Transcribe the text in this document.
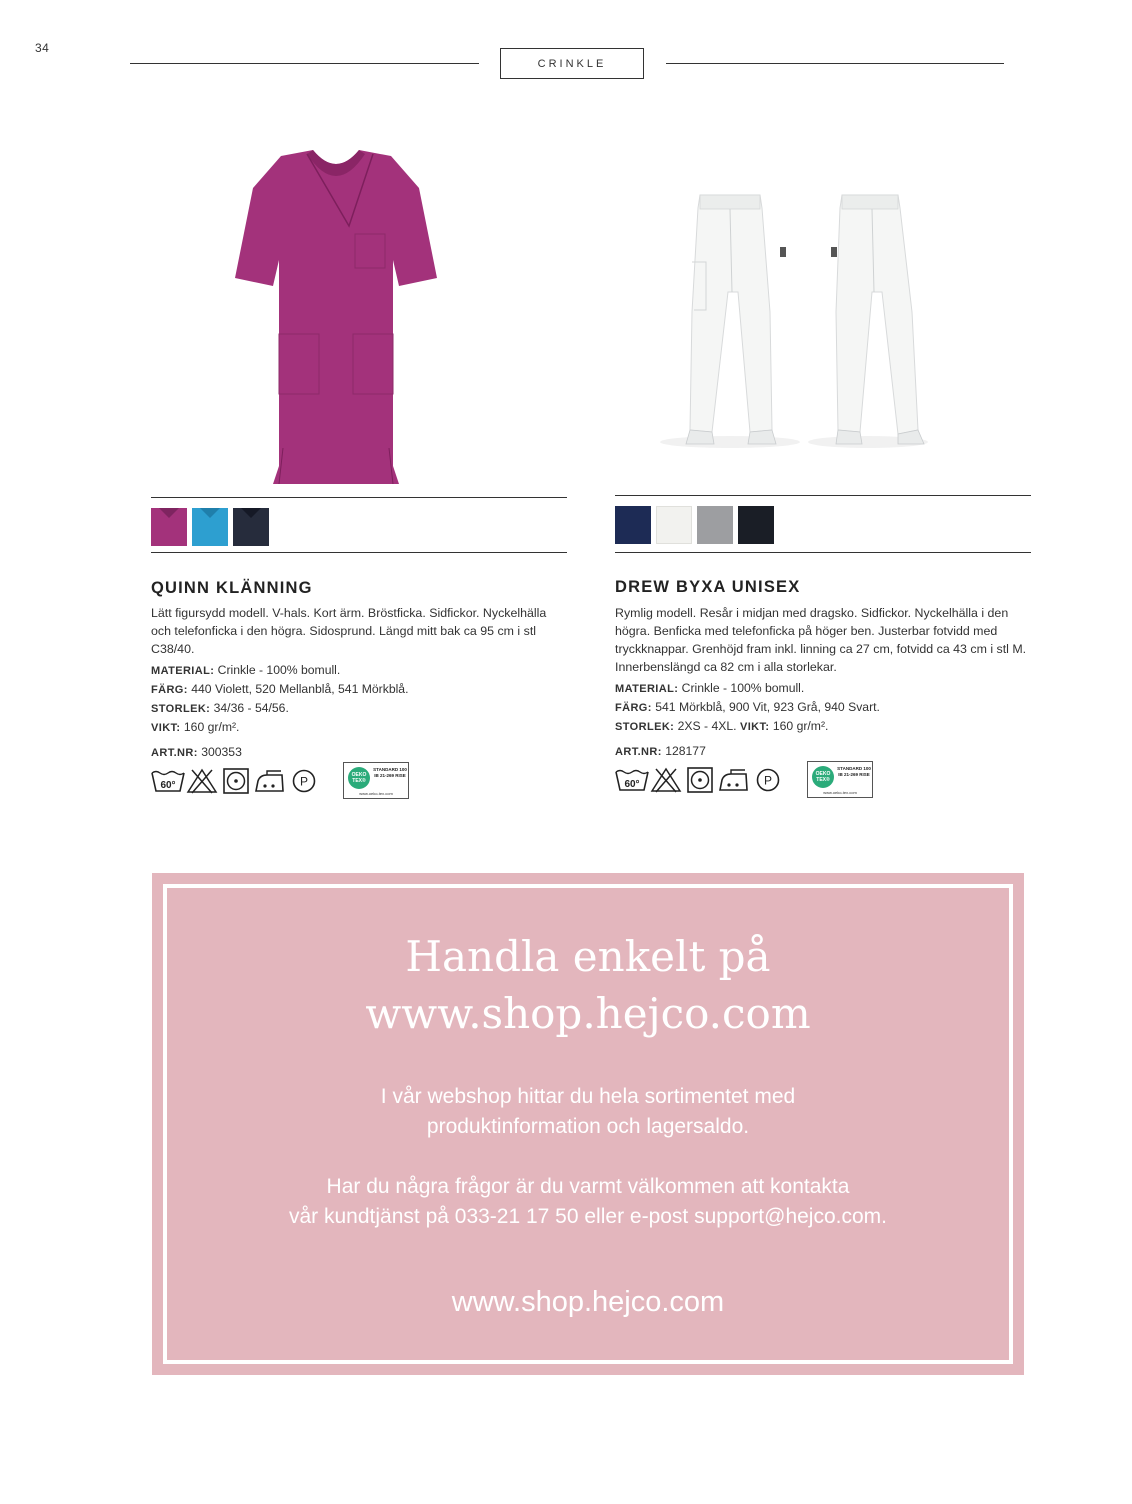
34
CRINKLE
QUINN KLÄNNING
Lätt figursydd modell. V-hals. Kort ärm. Bröstficka. Sidfickor. Nyckelhälla och telefonficka i den högra. Sidosprund. Längd mitt bak ca 95 cm i stl C38/40.
MATERIAL: Crinkle - 100% bomull.
FÄRG: 440 Violett, 520 Mellanblå, 541 Mörkblå.
STORLEK: 34/36 - 54/56.
VIKT: 160 gr/m².
ART.NR: 300353
60°	P	OEKO TEX®
STANDARD 100
IB 21-269 RISE
www.oeko-tex.com
DREW BYXA UNISEX
Rymlig modell. Resår i midjan med dragsko. Sidfickor. Nyckelhälla i den högra. Benficka med telefonficka på höger ben. Justerbar fotvidd med tryckknappar. Grenhöjd fram inkl. linning ca 27 cm, fotvidd ca 43 cm i stl M. Innerbenslängd ca 82 cm i alla storlekar.
MATERIAL: Crinkle - 100% bomull.
FÄRG: 541 Mörkblå, 900 Vit, 923 Grå, 940 Svart.
STORLEK: 2XS - 4XL. VIKT: 160 gr/m².
ART.NR: 128177
60°	P	OEKO TEX®
STANDARD 100
IB 21-269 RISE
www.oeko-tex.com
Handla enkelt på
www.shop.hejco.com
I vår webshop hittar du hela sortimentet med
produktinformation och lagersaldo.
Har du några frågor är du varmt välkommen att kontakta
vår kundtjänst på 033-21 17 50 eller e-post support@hejco.com.
www.shop.hejco.com
